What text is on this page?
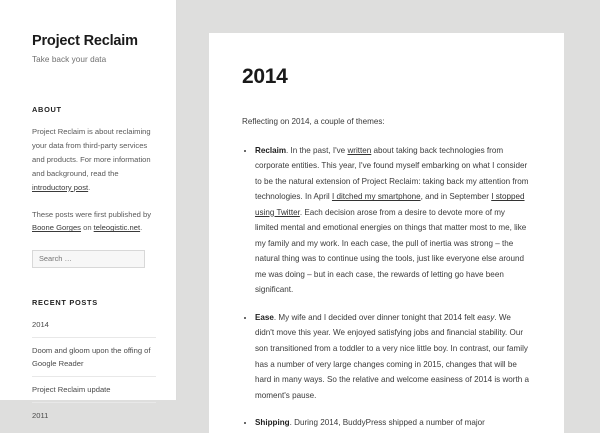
Project Reclaim

Take back your data

ABOUT

Project Reclaim is about reclaiming your data from third-party services and products. For more information and background, read the introductory post.

These posts were first published by Boone Gorges on teleogistic.net.

Search …
RECENT POSTS
2014
Doom and gloom upon the offing of Google Reader
Project Reclaim update
2011
2014

Reflecting on 2014, a couple of themes:

• Reclaim. In the past, I've written about taking back technologies from corporate entities. This year, I've found myself embarking on what I consider to be the natural extension of Project Reclaim: taking back my attention from technologies. In April I ditched my smartphone, and in September I stopped using Twitter. Each decision arose from a desire to devote more of my limited mental and emotional energies on things that matter most to me, like my family and my work. In each case, the pull of inertia was strong – the natural thing was to continue using the tools, just like everyone else around me was doing – but in each case, the rewards of letting go have been significant.
• Ease. My wife and I decided over dinner tonight that 2014 felt easy. We didn't move this year. We enjoyed satisfying jobs and financial stability. Our son transitioned from a toddler to a very nice little boy. In contrast, our family has a number of very large changes coming in 2015, changes that will be hard in many ways. So the relative and welcome easiness of 2014 is worth a moment's pause.
• Shipping. During 2014, BuddyPress shipped a number of major
